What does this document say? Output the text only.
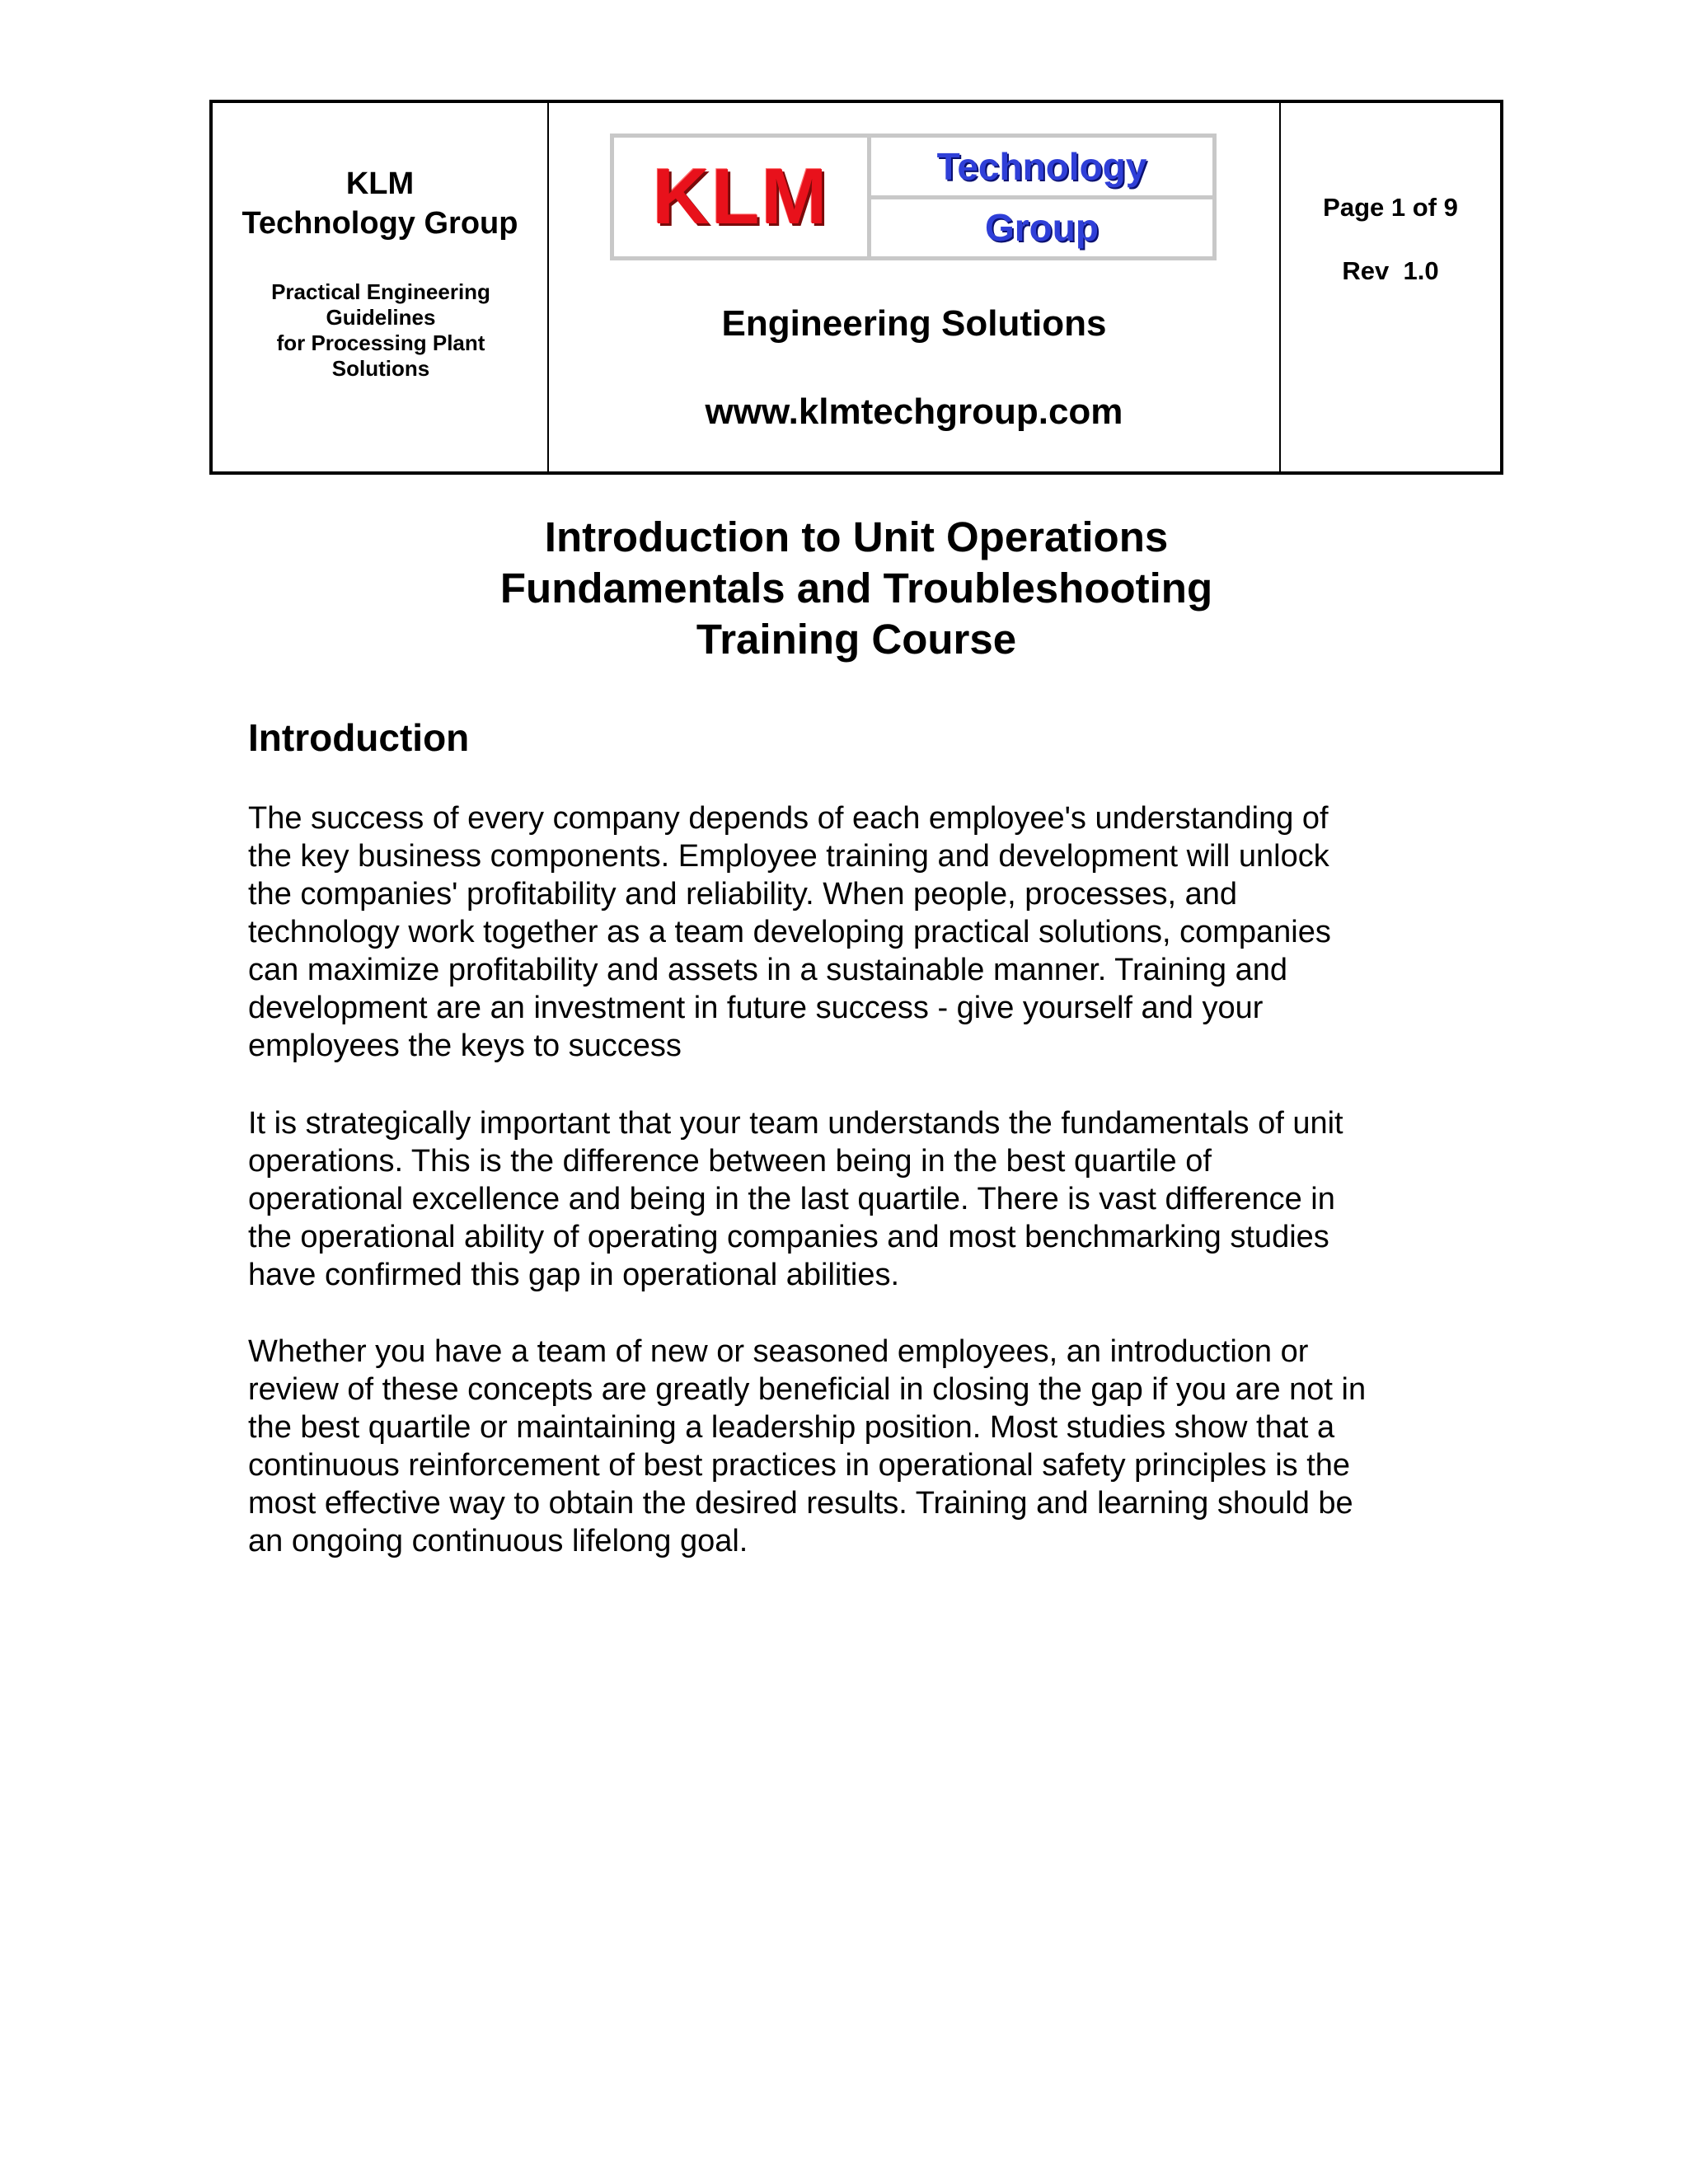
KLM
Technology Group
Practical Engineering
Guidelines
for Processing Plant
Solutions
KLM	Technology
Group
Engineering Solutions
www.klmtechgroup.com
Page 1 of 9
Rev  1.0
Introduction to Unit Operations
Fundamentals and Troubleshooting
Training Course
Introduction
The success of every company depends of each employee's understanding of
the key business components. Employee training and development will unlock
the companies' profitability and reliability. When people, processes, and
technology work together as a team developing practical solutions, companies
can maximize profitability and assets in a sustainable manner. Training and
development are an investment in future success - give yourself and your
employees the keys to success
It is strategically important that your team understands the fundamentals of unit
operations. This is the difference between being in the best quartile of
operational excellence and being in the last quartile. There is vast difference in
the operational ability of operating companies and most benchmarking studies
have confirmed this gap in operational abilities.
Whether you have a team of new or seasoned employees, an introduction or
review of these concepts are greatly beneficial in closing the gap if you are not in
the best quartile or maintaining a leadership position. Most studies show that a
continuous reinforcement of best practices in operational safety principles is the
most effective way to obtain the desired results. Training and learning should be
an ongoing continuous lifelong goal.
